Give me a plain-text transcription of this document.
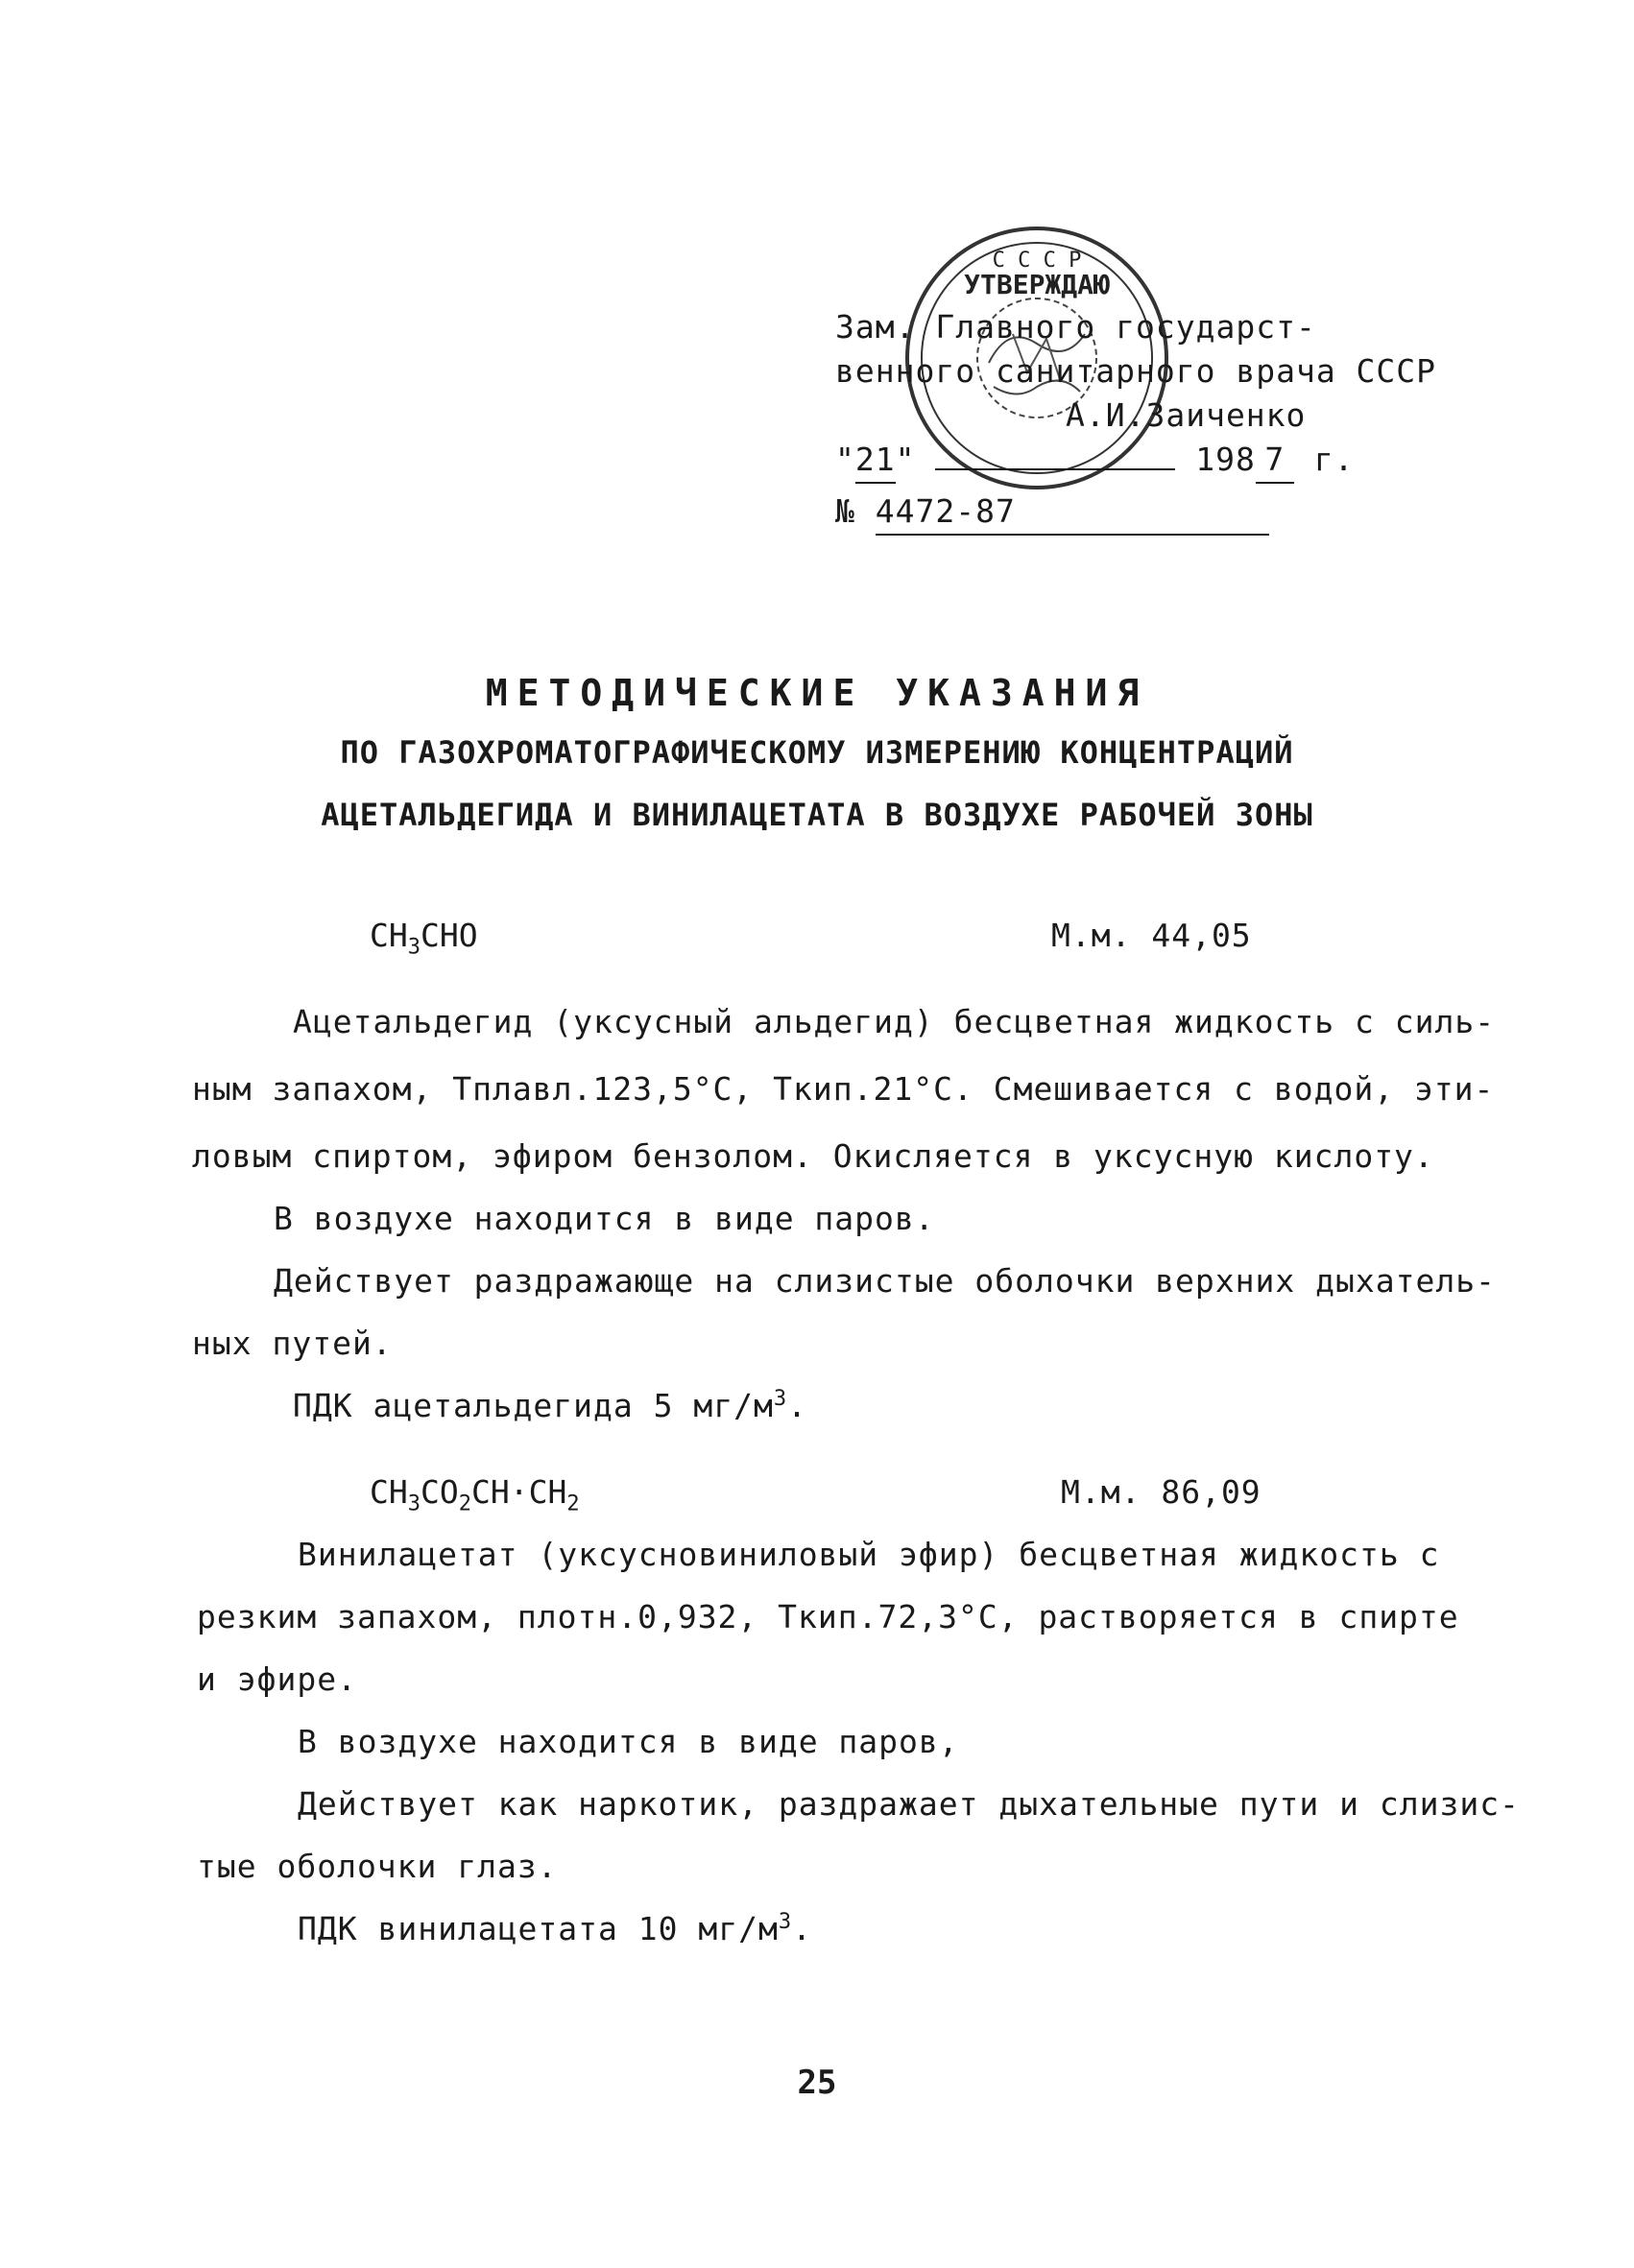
С С С Р
УТВЕРЖДАЮ
Зам. Главного государст-
венного санитарного врача СССР
А.И.Заиченко
"21"	198 7 г.
№ 4472-87
МЕТОДИЧЕСКИЕ УКАЗАНИЯ
ПО ГАЗОХРОМАТОГРАФИЧЕСКОМУ ИЗМЕРЕНИЮ КОНЦЕНТРАЦИЙ
АЦЕТАЛЬДЕГИДА И ВИНИЛАЦЕТАТА В ВОЗДУХЕ РАБОЧЕЙ ЗОНЫ
$CH_3CHO$	М.м. 44,05
Ацетальдегид (уксусный альдегид) бесцветная жидкость с силь-
ным запахом, Тплавл.123,5°C, Ткип.21°C. Смешивается с водой, эти-
ловым спиртом, эфиром бензолом. Окисляется в уксусную кислоту.
В воздухе находится в виде паров.
Действует раздражающе на слизистые оболочки верхних дыхатель-
ных путей.
ПДК ацетальдегида 5 $мг/м^3$.
$CH_3CO_2CH\cdot CH_2$	М.м. 86,09
Винилацетат (уксусновиниловый эфир) бесцветная жидкость с
резким запахом, плотн.0,932, Ткип.72,3°C, растворяется в спирте
и эфире.
В воздухе находится в виде паров,
Действует как наркотик, раздражает дыхательные пути и слизис-
тые оболочки глаз.
ПДК винилацетата 10 $мг/м^3$.
25
